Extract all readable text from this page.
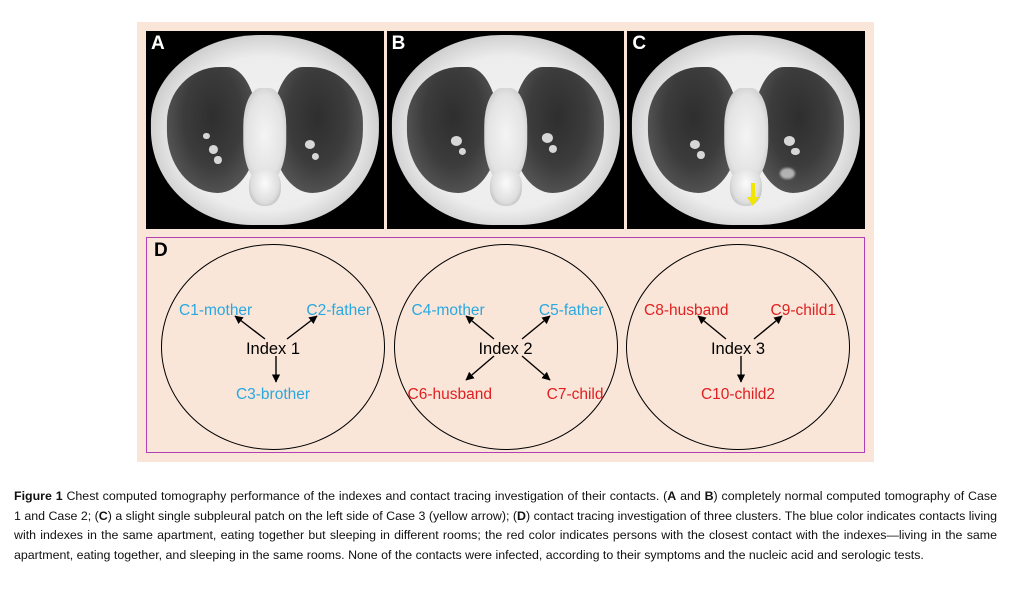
A	B	C
D
C1-mother	C2-father
Index 1
C3-brother
C4-mother	C5-father
Index 2
C6-husband	C7-child
C8-husband	C9-child1
Index 3
C10-child2
Figure 1 Chest computed tomography performance of the indexes and contact tracing investigation of their contacts. (A and B) completely normal computed tomography of Case 1 and Case 2; (C) a slight single subpleural patch on the left side of Case 3 (yellow arrow); (D) contact tracing investigation of three clusters. The blue color indicates contacts living with indexes in the same apartment, eating together but sleeping in different rooms; the red color indicates persons with the closest contact with the indexes—living in the same apartment, eating together, and sleeping in the same rooms. None of the contacts were infected, according to their symptoms and the nucleic acid and serologic tests.
